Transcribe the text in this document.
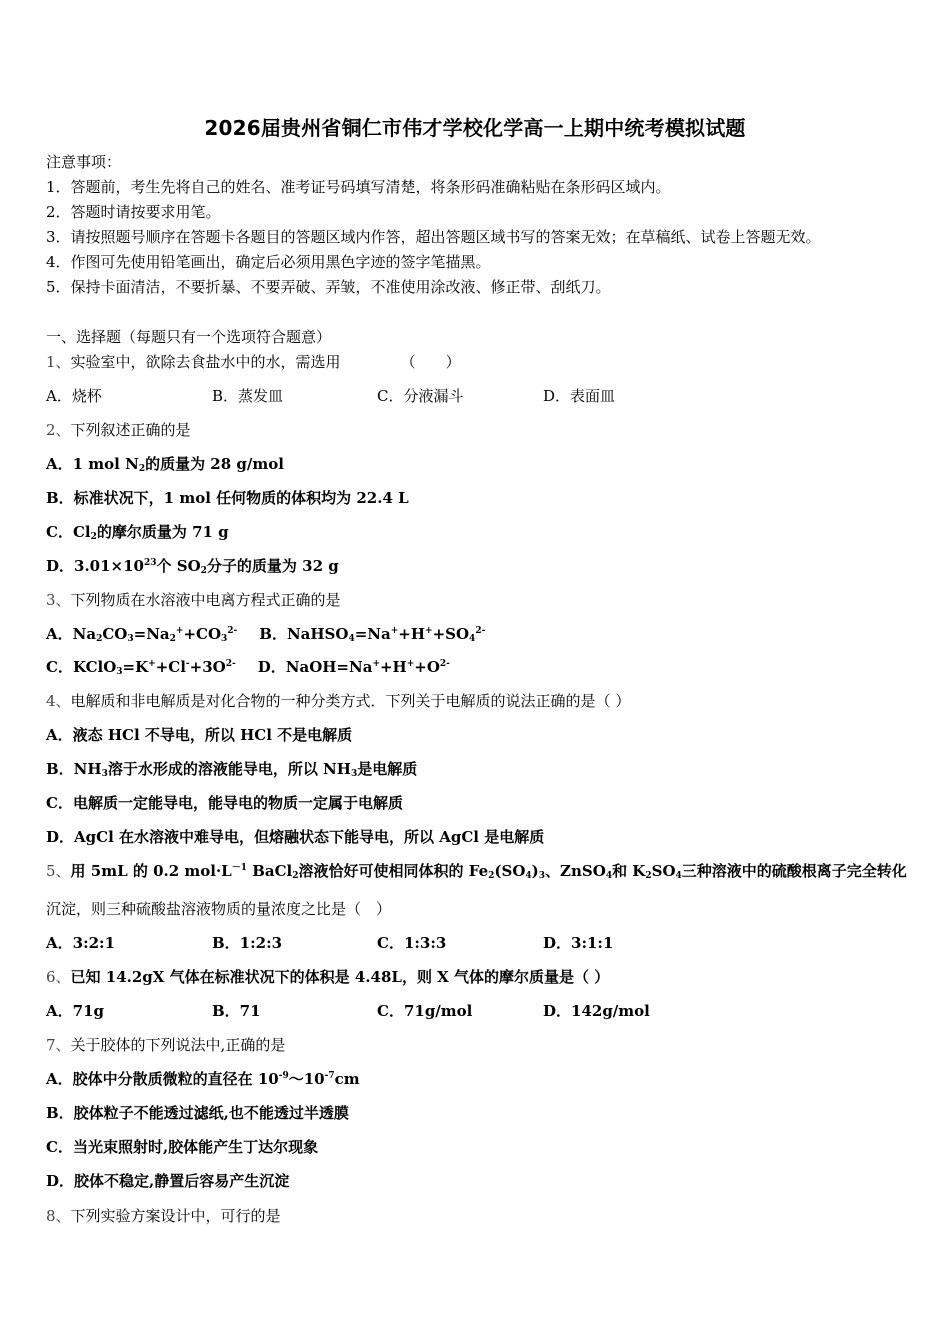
2026届贵州省铜仁市伟才学校化学高一上期中统考模拟试题
注意事项：
1．答题前，考生先将自己的姓名、准考证号码填写清楚，将条形码准确粘贴在条形码区域内。
2．答题时请按要求用笔。
3．请按照题号顺序在答题卡各题目的答题区域内作答，超出答题区域书写的答案无效；在草稿纸、试卷上答题无效。
4．作图可先使用铅笔画出，确定后必须用黑色字迹的签字笔描黑。
5．保持卡面清洁，不要折暴、不要弄破、弄皱，不准使用涂改液、修正带、刮纸刀。
一、选择题（每题只有一个选项符合题意）
1、实验室中，欲除去食盐水中的水，需选用	（　　）
A．烧杯	B．蒸发皿	C．分液漏斗	D．表面皿
2、下列叙述正确的是
A．1 mol $N_2$的质量为 28 g/mol
B．标准状况下，1 mol 任何物质的体积均为 22.4 L
C．$Cl_2$的摩尔质量为 71 g
D．$3.01\times 10^{23}$个 $SO_2$分子的质量为 32 g
3、下列物质在水溶液中电离方程式正确的是
A．$Na_2CO_3=Na_2^++CO_3^{2-}$ B．$NaHSO_4=Na^++H^++SO_4^{2-}$
C．$KClO_3=K^++Cl^-+3O^{2-}$ D．$NaOH=Na^++H^++O^{2-}$
4、电解质和非电解质是对化合物的一种分类方式．下列关于电解质的说法正确的是（ ）
A．液态 HCl 不导电，所以 HCl 不是电解质
B．$NH_3$溶于水形成的溶液能导电，所以 $NH_3$是电解质
C．电解质一定能导电，能导电的物质一定属于电解质
D．AgCl 在水溶液中难导电，但熔融状态下能导电，所以 AgCl 是电解质
5、用 5mL 的 0.2 $mol\cdot L^{-1}$ BaCl$_2$溶液恰好可使相同体积的 $Fe_2(SO_4)_3$、ZnSO$_4$和 $K_2SO_4$三种溶液中的硫酸根离子完全转化
沉淀，则三种硫酸盐溶液物质的量浓度之比是（　）
A．3:2:1	B．1:2:3	C．1:3:3	D．3:1:1
6、已知 14.2gX 气体在标准状况下的体积是 4.48L，则 X 气体的摩尔质量是（ ）
A．71g	B．71	C．71g/mol	D．142g/mol
7、关于胶体的下列说法中,正确的是
A．胶体中分散质微粒的直径在 $10^{-9}\sim 10^{-7}cm$
B．胶体粒子不能透过滤纸,也不能透过半透膜
C．当光束照射时,胶体能产生丁达尔现象
D．胶体不稳定,静置后容易产生沉淀
8、下列实验方案设计中，可行的是
